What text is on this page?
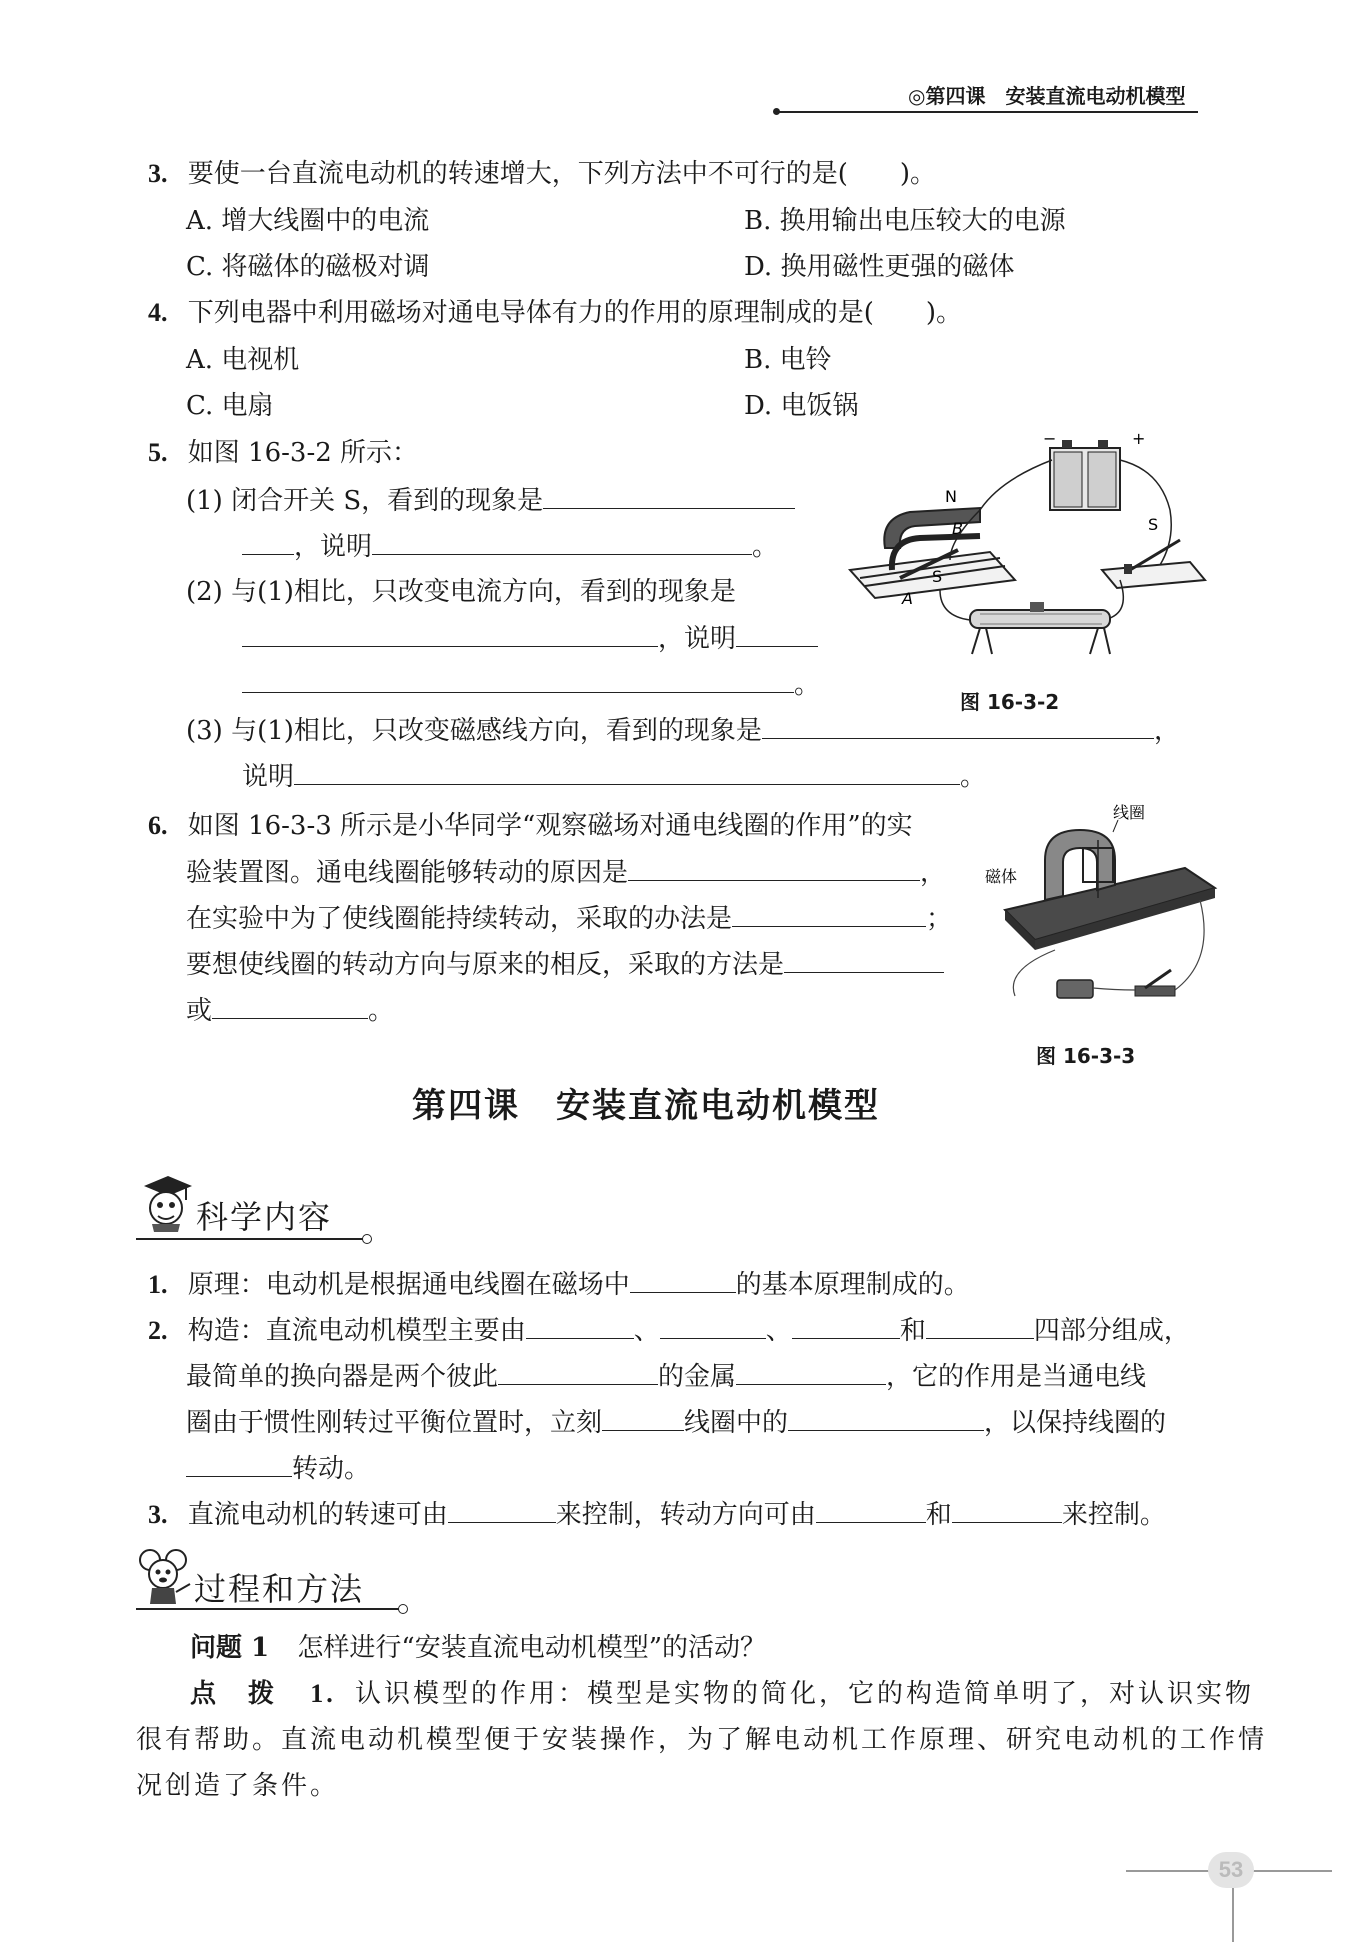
◎第四课　安装直流电动机模型
3. 要使一台直流电动机的转速增大，下列方法中不可行的是(　　)。
A. 增大线圈中的电流	B. 换用输出电压较大的电源
C. 将磁体的磁极对调	D. 换用磁性更强的磁体
4. 下列电器中利用磁场对通电导体有力的作用的原理制成的是(　　)。
A. 电视机	B. 电铃
C. 电扇	D. 电饭锅
5. 如图 16-3-2 所示：
(1) 闭合开关 S，看到的现象是
，说明	。
(2) 与(1)相比，只改变电流方向，看到的现象是
，说明
。
(3) 与(1)相比，只改变磁感线方向，看到的现象是	，
说明	。
N
B
S
A
−	+
S
图 16-3-2
6. 如图 16-3-3 所示是小华同学“观察磁场对通电线圈的作用”的实
验装置图。通电线圈能够转动的原因是	，
在实验中为了使线圈能持续转动，采取的办法是	；
要想使线圈的转动方向与原来的相反，采取的方法是
或	。
线圈
磁体
图 16-3-3
第四课　安装直流电动机模型
科学内容
1. 原理：电动机是根据通电线圈在磁场中	的基本原理制成的。
2. 构造：直流电动机模型主要由	、	、	和	四部分组成，
最简单的换向器是两个彼此	的金属	，它的作用是当通电线
圈由于惯性刚转过平衡位置时，立刻	线圈中的	，以保持线圈的
转动。
3. 直流电动机的转速可由	来控制，转动方向可由	和	来控制。
过程和方法
问题 1 怎样进行“安装直流电动机模型”的活动？
点　拨 1. 认识模型的作用：模型是实物的简化，它的构造简单明了，对认识实物
很有帮助。直流电动机模型便于安装操作，为了解电动机工作原理、研究电动机的工作情
况创造了条件。
53
